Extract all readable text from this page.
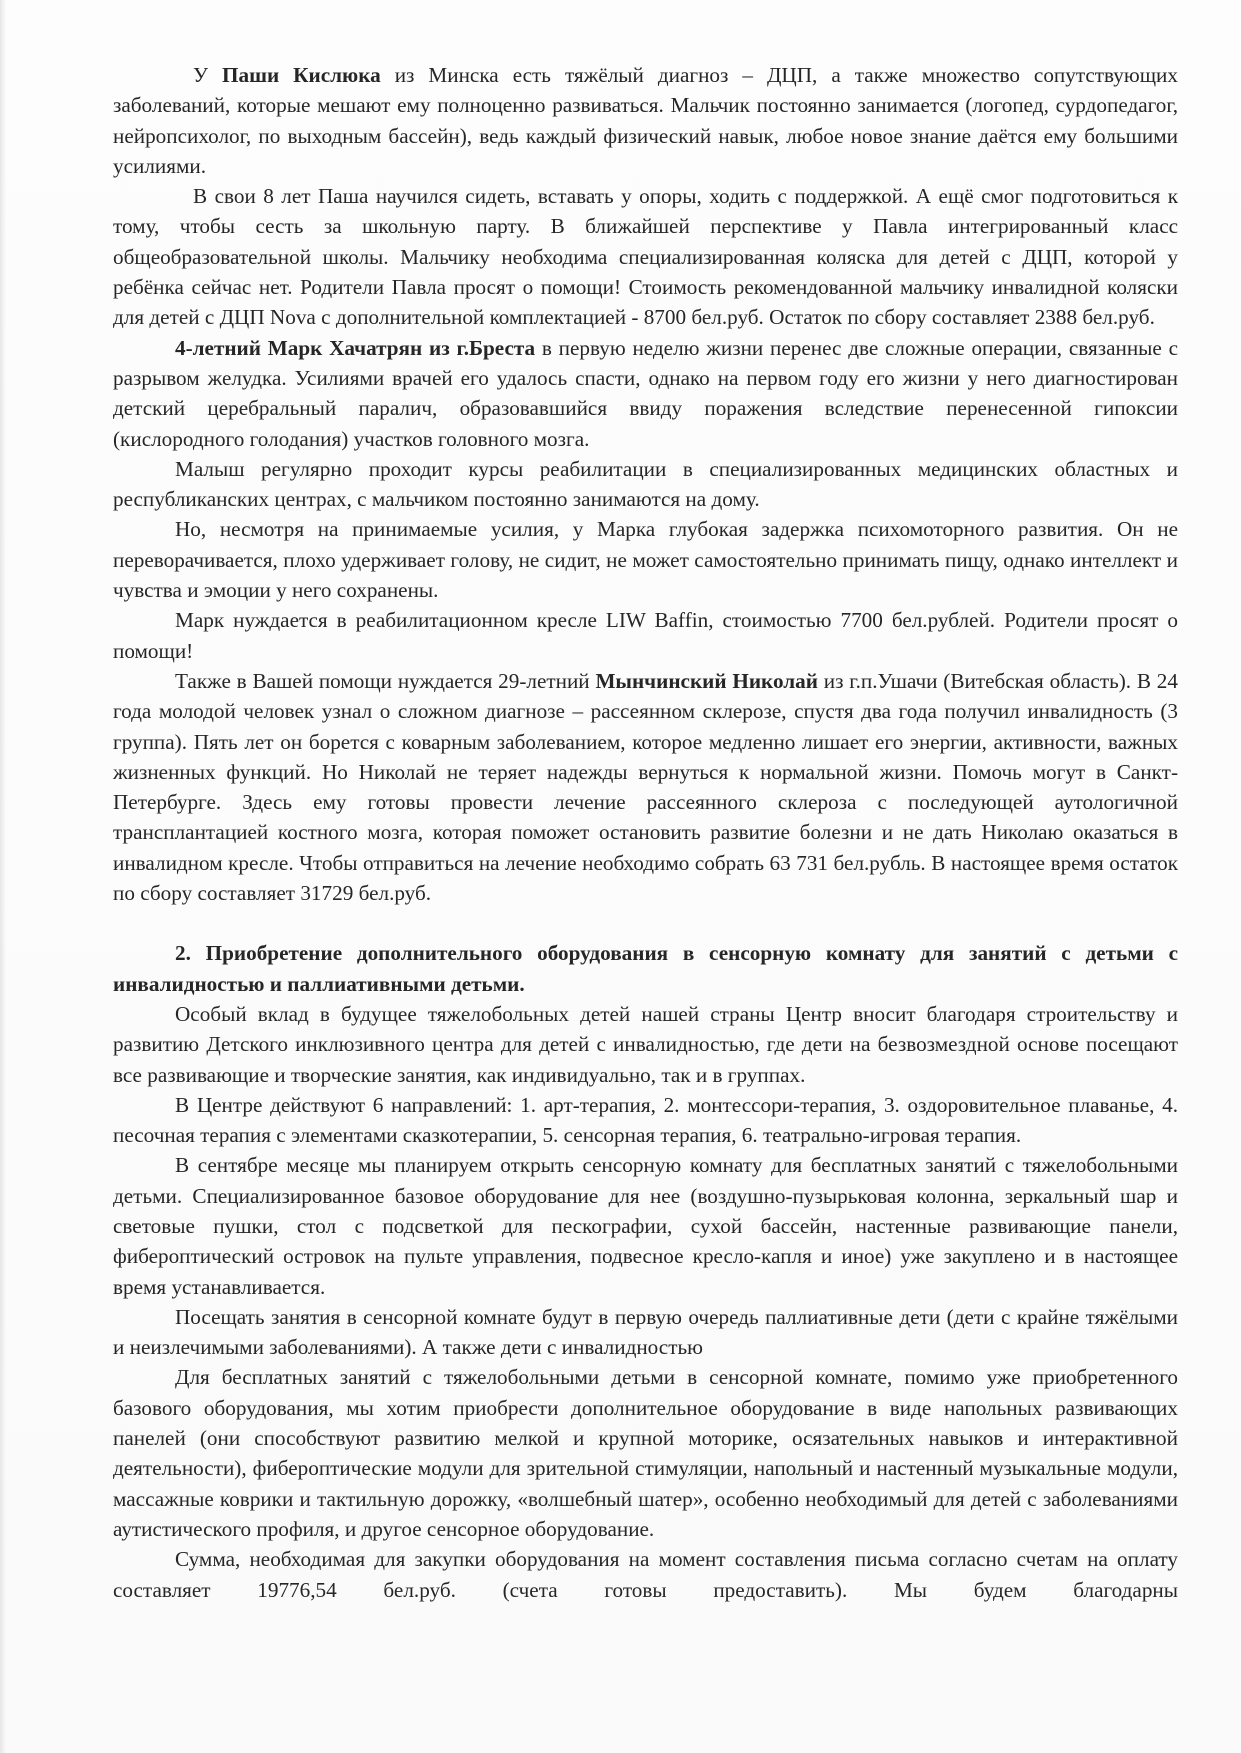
У Паши Кислюка из Минска есть тяжёлый диагноз – ДЦП, а также множество сопутствующих заболеваний, которые мешают ему полноценно развиваться. Мальчик постоянно занимается (логопед, сурдопедагог, нейропсихолог, по выходным бассейн), ведь каждый физический навык, любое новое знание даётся ему большими усилиями.

В свои 8 лет Паша научился сидеть, вставать у опоры, ходить с поддержкой. А ещё смог подготовиться к тому, чтобы сесть за школьную парту. В ближайшей перспективе у Павла интегрированный класс общеобразовательной школы. Мальчику необходима специализированная коляска для детей с ДЦП, которой у ребёнка сейчас нет. Родители Павла просят о помощи! Стоимость рекомендованной мальчику инвалидной коляски для детей с ДЦП Nova с дополнительной комплектацией - 8700 бел.руб. Остаток по сбору составляет 2388 бел.руб.

4-летний Марк Хачатрян из г.Бреста в первую неделю жизни перенес две сложные операции, связанные с разрывом желудка. Усилиями врачей его удалось спасти, однако на первом году его жизни у него диагностирован детский церебральный паралич, образовавшийся ввиду поражения вследствие перенесенной гипоксии (кислородного голодания) участков головного мозга.

Малыш регулярно проходит курсы реабилитации в специализированных медицинских областных и республиканских центрах, с мальчиком постоянно занимаются на дому.

Но, несмотря на принимаемые усилия, у Марка глубокая задержка психомоторного развития. Он не переворачивается, плохо удерживает голову, не сидит, не может самостоятельно принимать пищу, однако интеллект и чувства и эмоции у него сохранены.

Марк нуждается в реабилитационном кресле LIW Baffin, стоимостью 7700 бел.рублей. Родители просят о помощи!

Также в Вашей помощи нуждается 29-летний Мынчинский Николай из г.п.Ушачи (Витебская область). В 24 года молодой человек узнал о сложном диагнозе – рассеянном склерозе, спустя два года получил инвалидность (3 группа). Пять лет он борется с коварным заболеванием, которое медленно лишает его энергии, активности, важных жизненных функций. Но Николай не теряет надежды вернуться к нормальной жизни. Помочь могут в Санкт-Петербурге. Здесь ему готовы провести лечение рассеянного склероза с последующей аутологичной трансплантацией костного мозга, которая поможет остановить развитие болезни и не дать Николаю оказаться в инвалидном кресле. Чтобы отправиться на лечение необходимо собрать 63 731 бел.рубль. В настоящее время остаток по сбору составляет 31729 бел.руб.

2. Приобретение дополнительного оборудования в сенсорную комнату для занятий с детьми с инвалидностью и паллиативными детьми.

Особый вклад в будущее тяжелобольных детей нашей страны Центр вносит благодаря строительству и развитию Детского инклюзивного центра для детей с инвалидностью, где дети на безвозмездной основе посещают все развивающие и творческие занятия, как индивидуально, так и в группах.

В Центре действуют 6 направлений: 1. арт-терапия, 2. монтессори-терапия, 3. оздоровительное плаванье, 4. песочная терапия с элементами сказкотерапии, 5. сенсорная терапия, 6. театрально-игровая терапия.

В сентябре месяце мы планируем открыть сенсорную комнату для бесплатных занятий с тяжелобольными детьми. Специализированное базовое оборудование для нее (воздушно-пузырьковая колонна, зеркальный шар и световые пушки, стол с подсветкой для пескографии, сухой бассейн, настенные развивающие панели, фибероптический островок на пульте управления, подвесное кресло-капля и иное) уже закуплено и в настоящее время устанавливается.

Посещать занятия в сенсорной комнате будут в первую очередь паллиативные дети (дети с крайне тяжёлыми и неизлечимыми заболеваниями). А также дети с инвалидностью

Для бесплатных занятий с тяжелобольными детьми в сенсорной комнате, помимо уже приобретенного базового оборудования, мы хотим приобрести дополнительное оборудование в виде напольных развивающих панелей (они способствуют развитию мелкой и крупной моторике, осязательных навыков и интерактивной деятельности), фибероптические модули для зрительной стимуляции, напольный и настенный музыкальные модули, массажные коврики и тактильную дорожку, «волшебный шатер», особенно необходимый для детей с заболеваниями аутистического профиля, и другое сенсорное оборудование.

Сумма, необходимая для закупки оборудования на момент составления письма согласно счетам на оплату составляет 19776,54 бел.руб. (счета готовы предоставить). Мы будем благодарны
